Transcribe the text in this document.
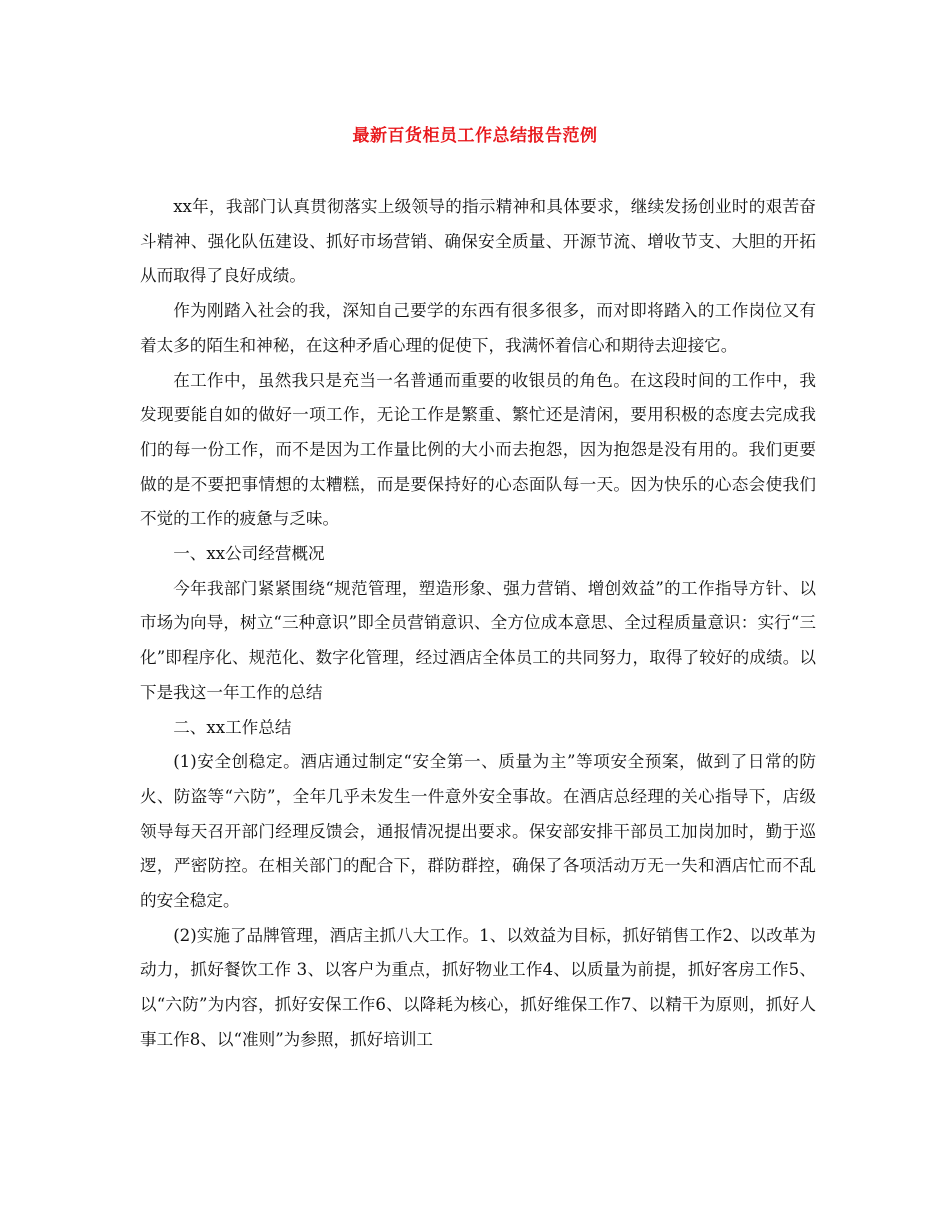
最新百货柜员工作总结报告范例

xx年，我部门认真贯彻落实上级领导的指示精神和具体要求，继续发扬创业时的艰苦奋斗精神、强化队伍建设、抓好市场营销、确保安全质量、开源节流、增收节支、大胆的开拓从而取得了良好成绩。

作为刚踏入社会的我，深知自己要学的东西有很多很多，而对即将踏入的工作岗位又有着太多的陌生和神秘，在这种矛盾心理的促使下，我满怀着信心和期待去迎接它。

在工作中，虽然我只是充当一名普通而重要的收银员的角色。在这段时间的工作中，我发现要能自如的做好一项工作，无论工作是繁重、繁忙还是清闲，要用积极的态度去完成我们的每一份工作，而不是因为工作量比例的大小而去抱怨，因为抱怨是没有用的。我们更要做的是不要把事情想的太糟糕，而是要保持好的心态面队每一天。因为快乐的心态会使我们不觉的工作的疲惫与乏味。

一、xx公司经营概况

今年我部门紧紧围绕“规范管理，塑造形象、强力营销、增创效益”的工作指导方针、以市场为向导，树立“三种意识”即全员营销意识、全方位成本意思、全过程质量意识：实行“三化”即程序化、规范化、数字化管理，经过酒店全体员工的共同努力，取得了较好的成绩。以下是我这一年工作的总结

二、xx工作总结

(1)安全创稳定。酒店通过制定“安全第一、质量为主”等项安全预案，做到了日常的防火、防盗等“六防”，全年几乎未发生一件意外安全事故。在酒店总经理的关心指导下，店级领导每天召开部门经理反馈会，通报情况提出要求。保安部安排干部员工加岗加时，勤于巡逻，严密防控。在相关部门的配合下，群防群控，确保了各项活动万无一失和酒店忙而不乱的安全稳定。

(2)实施了品牌管理，酒店主抓八大工作。1、以效益为目标，抓好销售工作2、以改革为动力，抓好餐饮工作 3、以客户为重点，抓好物业工作4、以质量为前提，抓好客房工作5、以“六防”为内容，抓好安保工作6、以降耗为核心，抓好维保工作7、以精干为原则，抓好人事工作8、以“准则”为参照，抓好培训工
